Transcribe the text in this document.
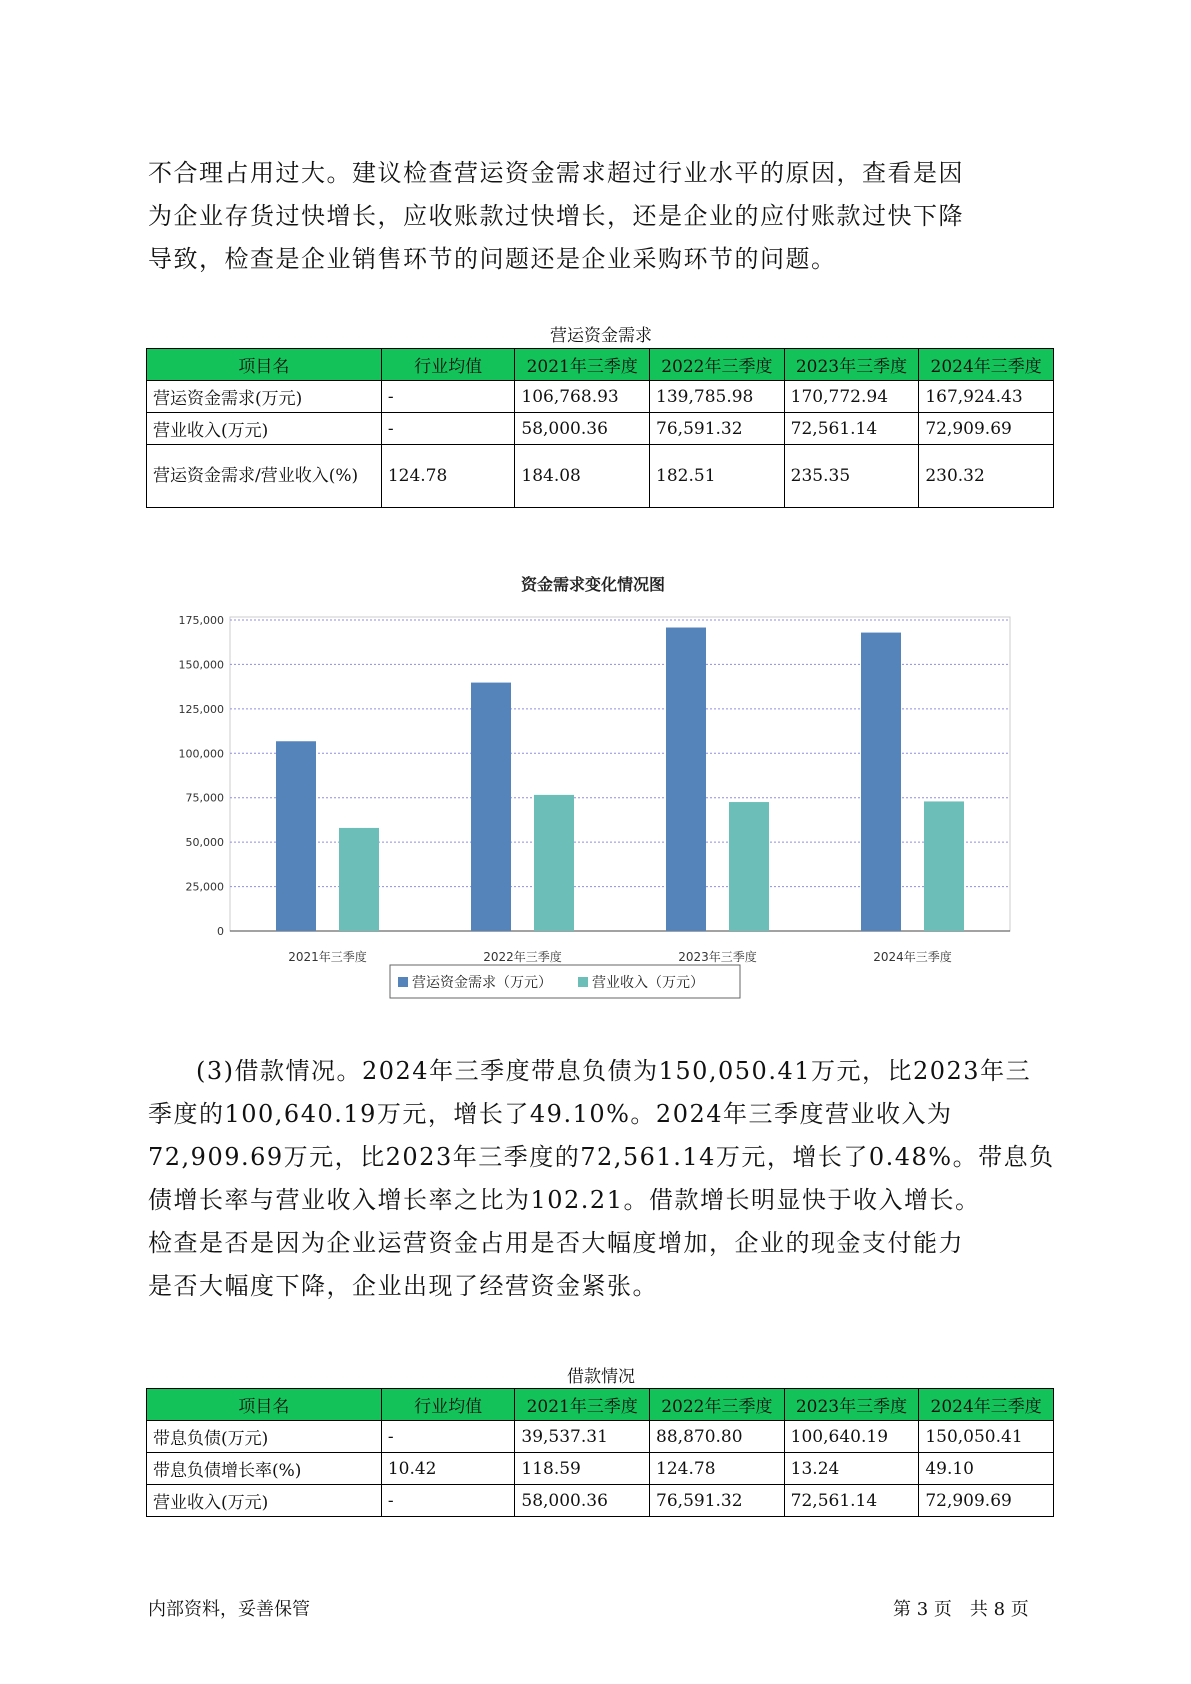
不合理占用过大。建议检查营运资金需求超过行业水平的原因，查看是因

为企业存货过快增长，应收账款过快增长，还是企业的应付账款过快下降

导致，检查是企业销售环节的问题还是企业采购环节的问题。

营运资金需求
项目名	行业均值	2021年三季度	2022年三季度	2023年三季度	2024年三季度
营运资金需求(万元)	-	106,768.93	139,785.98	170,772.94	167,924.43
营业收入(万元)	-	58,000.36	76,591.32	72,561.14	72,909.69
营运资金需求/营业收入(%)	124.78	184.08	182.51	235.35	230.32
资金需求变化情况图
0
25,000
50,000
75,000
100,000
125,000
150,000
175,000
2021年三季度	2022年三季度	2023年三季度	2024年三季度
营运资金需求（万元）	营业收入（万元）

(3)借款情况。2024年三季度带息负债为150,050.41万元，比2023年三

季度的100,640.19万元，增长了49.10%。2024年三季度营业收入为

72,909.69万元，比2023年三季度的72,561.14万元，增长了0.48%。带息负

债增长率与营业收入增长率之比为102.21。借款增长明显快于收入增长。

检查是否是因为企业运营资金占用是否大幅度增加，企业的现金支付能力

是否大幅度下降，企业出现了经营资金紧张。

借款情况
项目名	行业均值	2021年三季度	2022年三季度	2023年三季度	2024年三季度
带息负债(万元)	-	39,537.31	88,870.80	100,640.19	150,050.41
带息负债增长率(%)	10.42	118.59	124.78	13.24	49.10
营业收入(万元)	-	58,000.36	76,591.32	72,561.14	72,909.69
内部资料，妥善保管	第 3 页　共 8 页
